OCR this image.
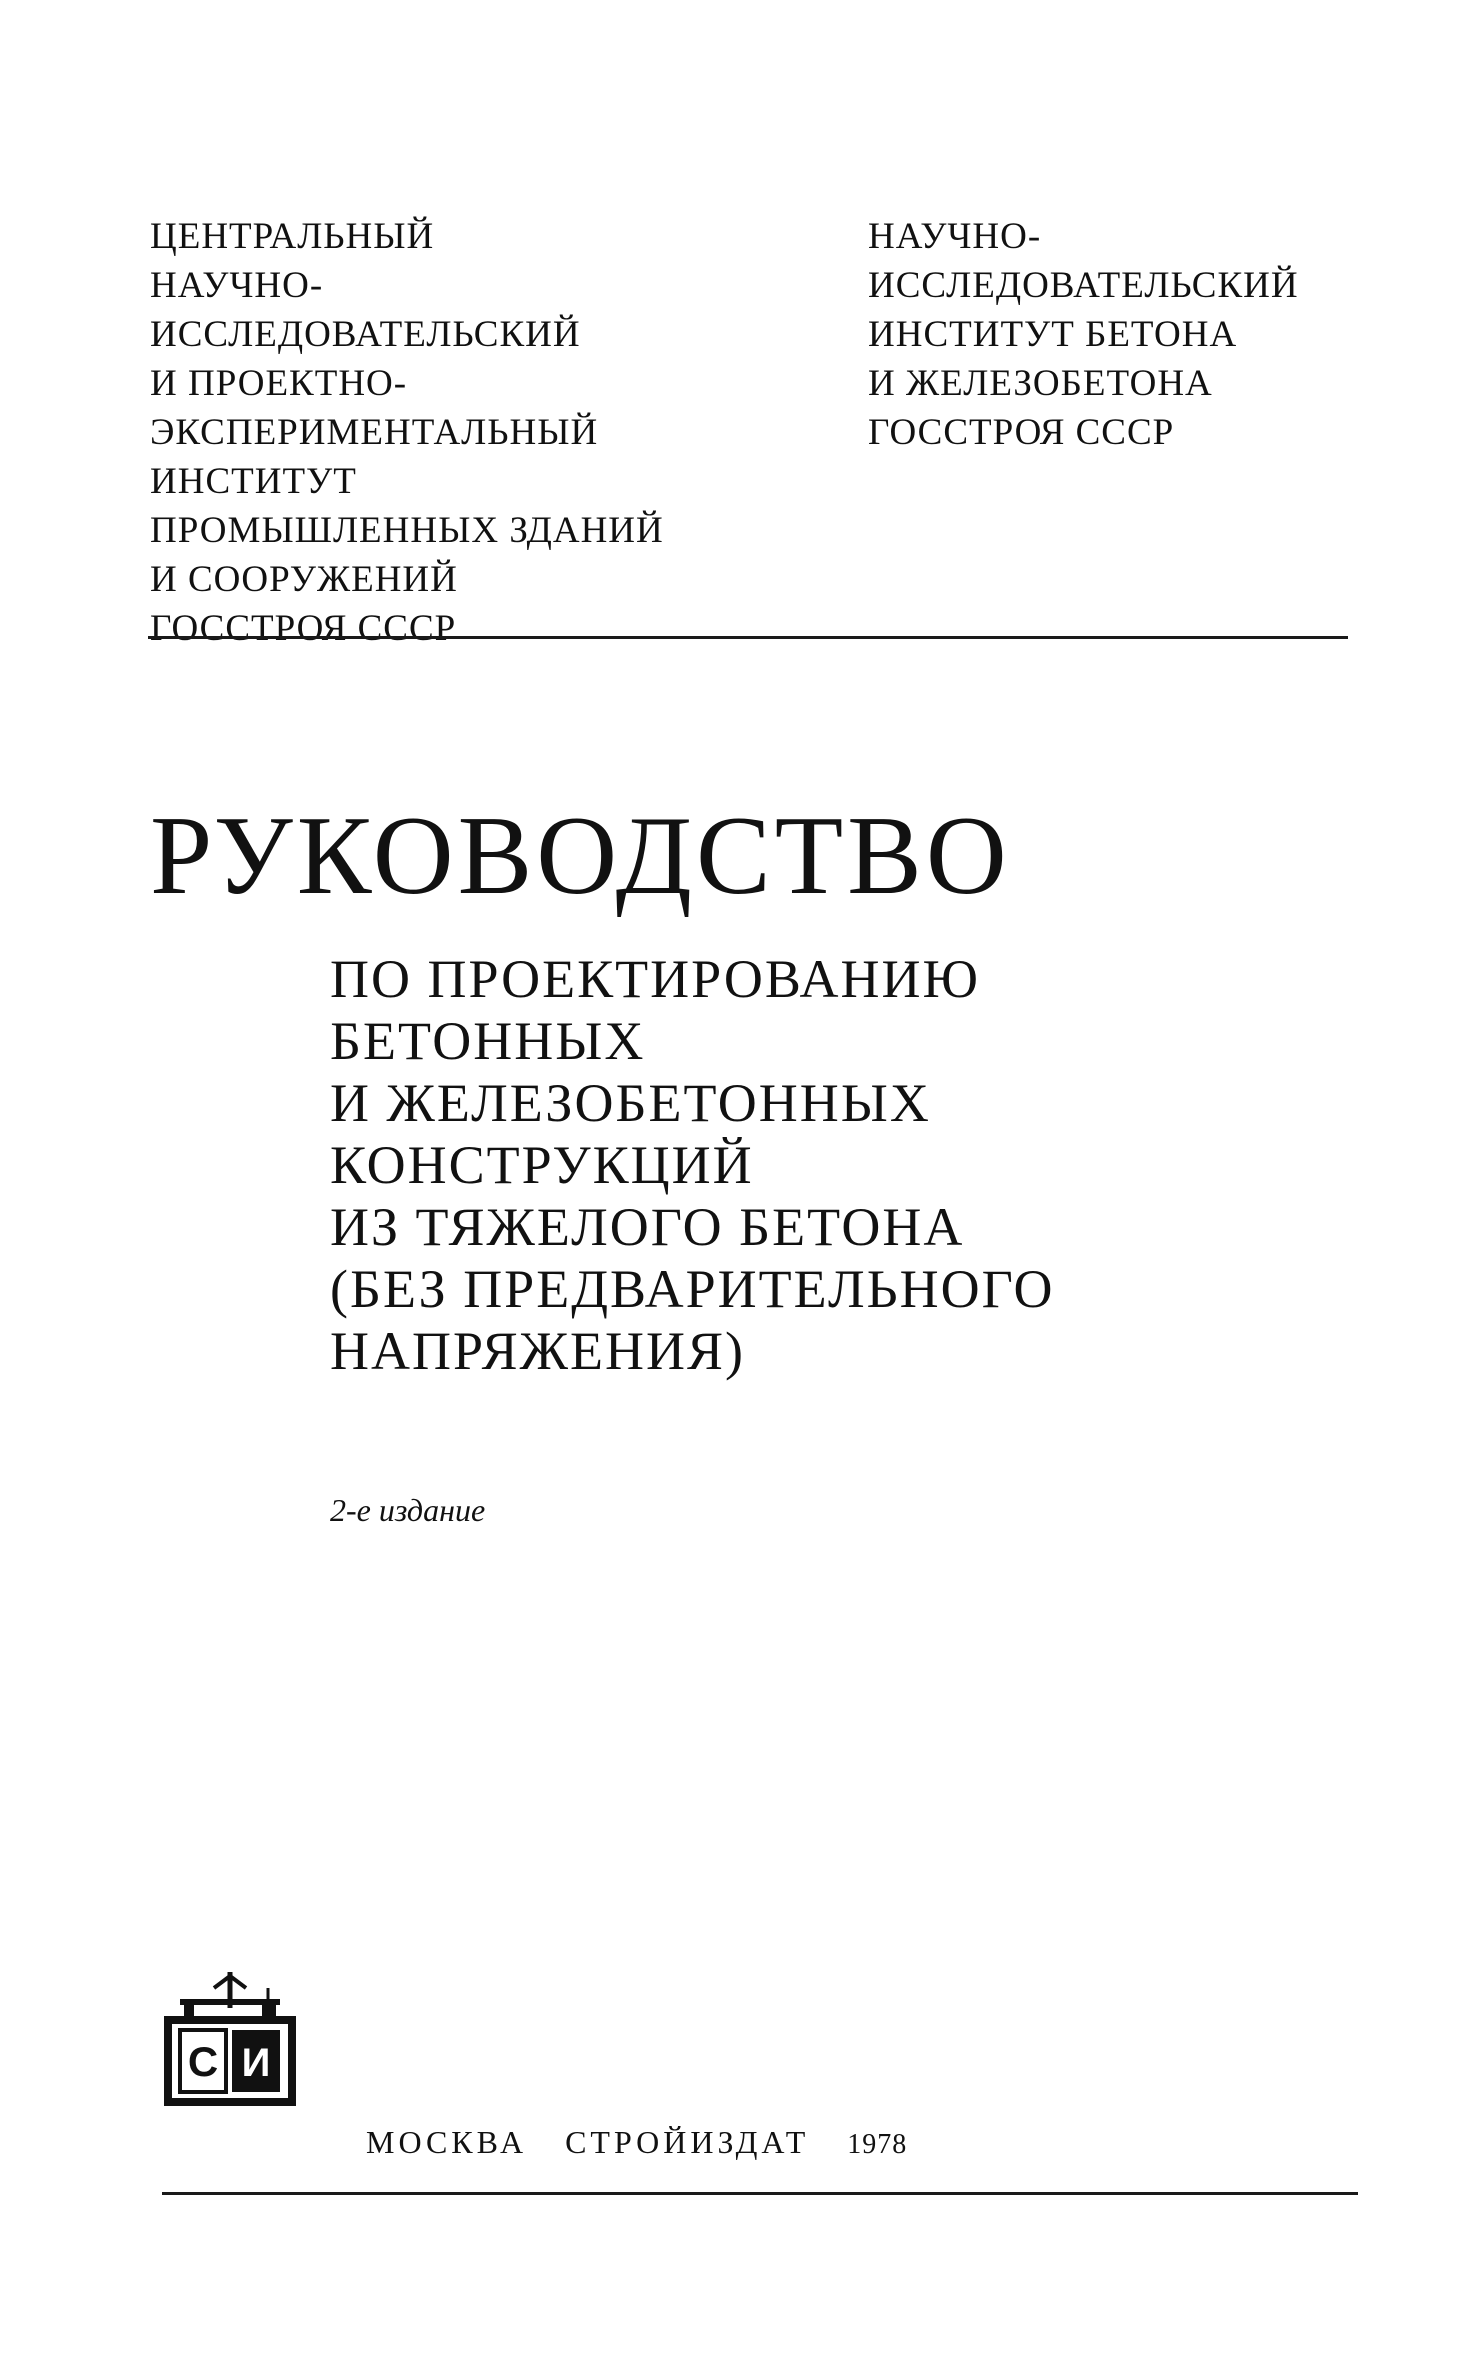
ЦЕНТРАЛЬНЫЙ
НАУЧНО-
ИССЛЕДОВАТЕЛЬСКИЙ
И ПРОЕКТНО-
ЭКСПЕРИМЕНТАЛЬНЫЙ
ИНСТИТУТ
ПРОМЫШЛЕННЫХ ЗДАНИЙ
И СООРУЖЕНИЙ
ГОССТРОЯ СССР
НАУЧНО-
ИССЛЕДОВАТЕЛЬСКИЙ
ИНСТИТУТ БЕТОНА
И ЖЕЛЕЗОБЕТОНА
ГОССТРОЯ СССР
РУКОВОДСТВО
ПО ПРОЕКТИРОВАНИЮ
БЕТОННЫХ
И ЖЕЛЕЗОБЕТОННЫХ
КОНСТРУКЦИЙ
ИЗ ТЯЖЕЛОГО БЕТОНА
(БЕЗ ПРЕДВАРИТЕЛЬНОГО
НАПРЯЖЕНИЯ)
2-е издание
С И
МОСКВА СТРОЙИЗДАТ 1978
